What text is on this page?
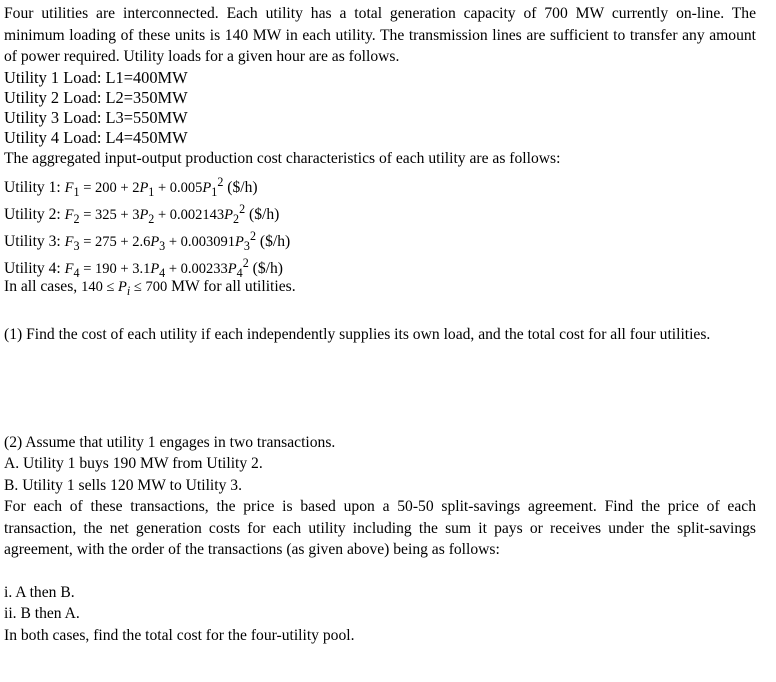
Four utilities are interconnected. Each utility has a total generation capacity of 700 MW currently on-line. The minimum loading of these units is 140 MW in each utility. The transmission lines are sufficient to transfer any amount of power required. Utility loads for a given hour are as follows.

Utility 1 Load: L1=400MW

Utility 2 Load: L2=350MW

Utility 3 Load: L3=550MW

Utility 4 Load: L4=450MW

The aggregated input-output production cost characteristics of each utility are as follows:

Utility 1: $F_1 = 200 + 2P_1 + 0.005P_1^2$ ($/h)

Utility 2: $F_2 = 325 + 3P_2 + 0.002143P_2^2$ ($/h)

Utility 3: $F_3 = 275 + 2.6P_3 + 0.003091P_3^2$ ($/h)

Utility 4: $F_4 = 190 + 3.1P_4 + 0.00233P_4^2$ ($/h)

In all cases, $140 \le P_i \le 700$ MW for all utilities.

(1) Find the cost of each utility if each independently supplies its own load, and the total cost for all four utilities.

(2) Assume that utility 1 engages in two transactions.

A. Utility 1 buys 190 MW from Utility 2.

B. Utility 1 sells 120 MW to Utility 3.

For each of these transactions, the price is based upon a 50-50 split-savings agreement. Find the price of each transaction, the net generation costs for each utility including the sum it pays or receives under the split-savings agreement, with the order of the transactions (as given above) being as follows:

i. A then B.

ii. B then A.

In both cases, find the total cost for the four-utility pool.
